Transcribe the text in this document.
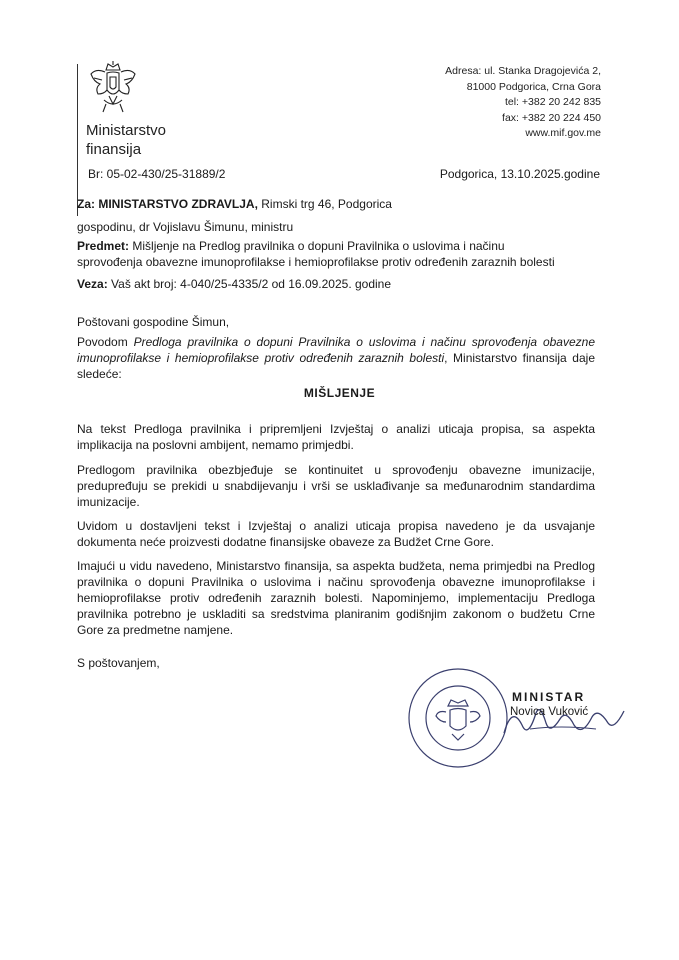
Ministarstvo
finansija
Adresa: ul. Stanka Dragojevića 2,
81000 Podgorica, Crna Gora
tel: +382 20 242 835
fax: +382 20 224 450
www.mif.gov.me
Br: 05-02-430/25-31889/2	Podgorica, 13.10.2025.godine
Za: MINISTARSTVO ZDRAVLJA, Rimski trg 46, Podgorica
gospodinu, dr Vojislavu Šimunu, ministru

Predmet: Mišljenje na Predlog pravilnika o dopuni Pravilnika o uslovima i načinu

sprovođenja obavezne imunoprofilakse i hemioprofilakse protiv određenih zaraznih bolesti
Veza: Vaš akt broj: 4-040/25-4335/2 od 16.09.2025. godine
Poštovani gospodine Šimun,

Povodom Predloga pravilnika o dopuni Pravilnika o uslovima i načinu sprovođenja obavezne imunoprofilakse i hemioprofilakse protiv određenih zaraznih bolesti, Ministarstvo finansija daje sledeće:

MIŠLJENJE

Na tekst Predloga pravilnika i pripremljeni Izvještaj o analizi uticaja propisa, sa aspekta implikacija na poslovni ambijent, nemamo primjedbi.

Predlogom pravilnika obezbjeđuje se kontinuitet u sprovođenju obavezne imunizacije, predupređuju se prekidi u snabdijevanju i vrši se usklađivanje sa međunarodnim standardima imunizacije.

Uvidom u dostavljeni tekst i Izvještaj o analizi uticaja propisa navedeno je da usvajanje dokumenta neće proizvesti dodatne finansijske obaveze za Budžet Crne Gore.

Imajući u vidu navedeno, Ministarstvo finansija, sa aspekta budžeta, nema primjedbi na Predlog pravilnika o dopuni Pravilnika o uslovima i načinu sprovođenja obavezne imunoprofilakse i hemioprofilakse protiv određenih zaraznih bolesti. Napominjemo, implementaciju Predloga pravilnika potrebno je uskladiti sa sredstvima planiranim godišnjim zakonom o budžetu Crne Gore za predmetne namjene.

S poštovanjem,
MINISTAR
Novica Vuković
